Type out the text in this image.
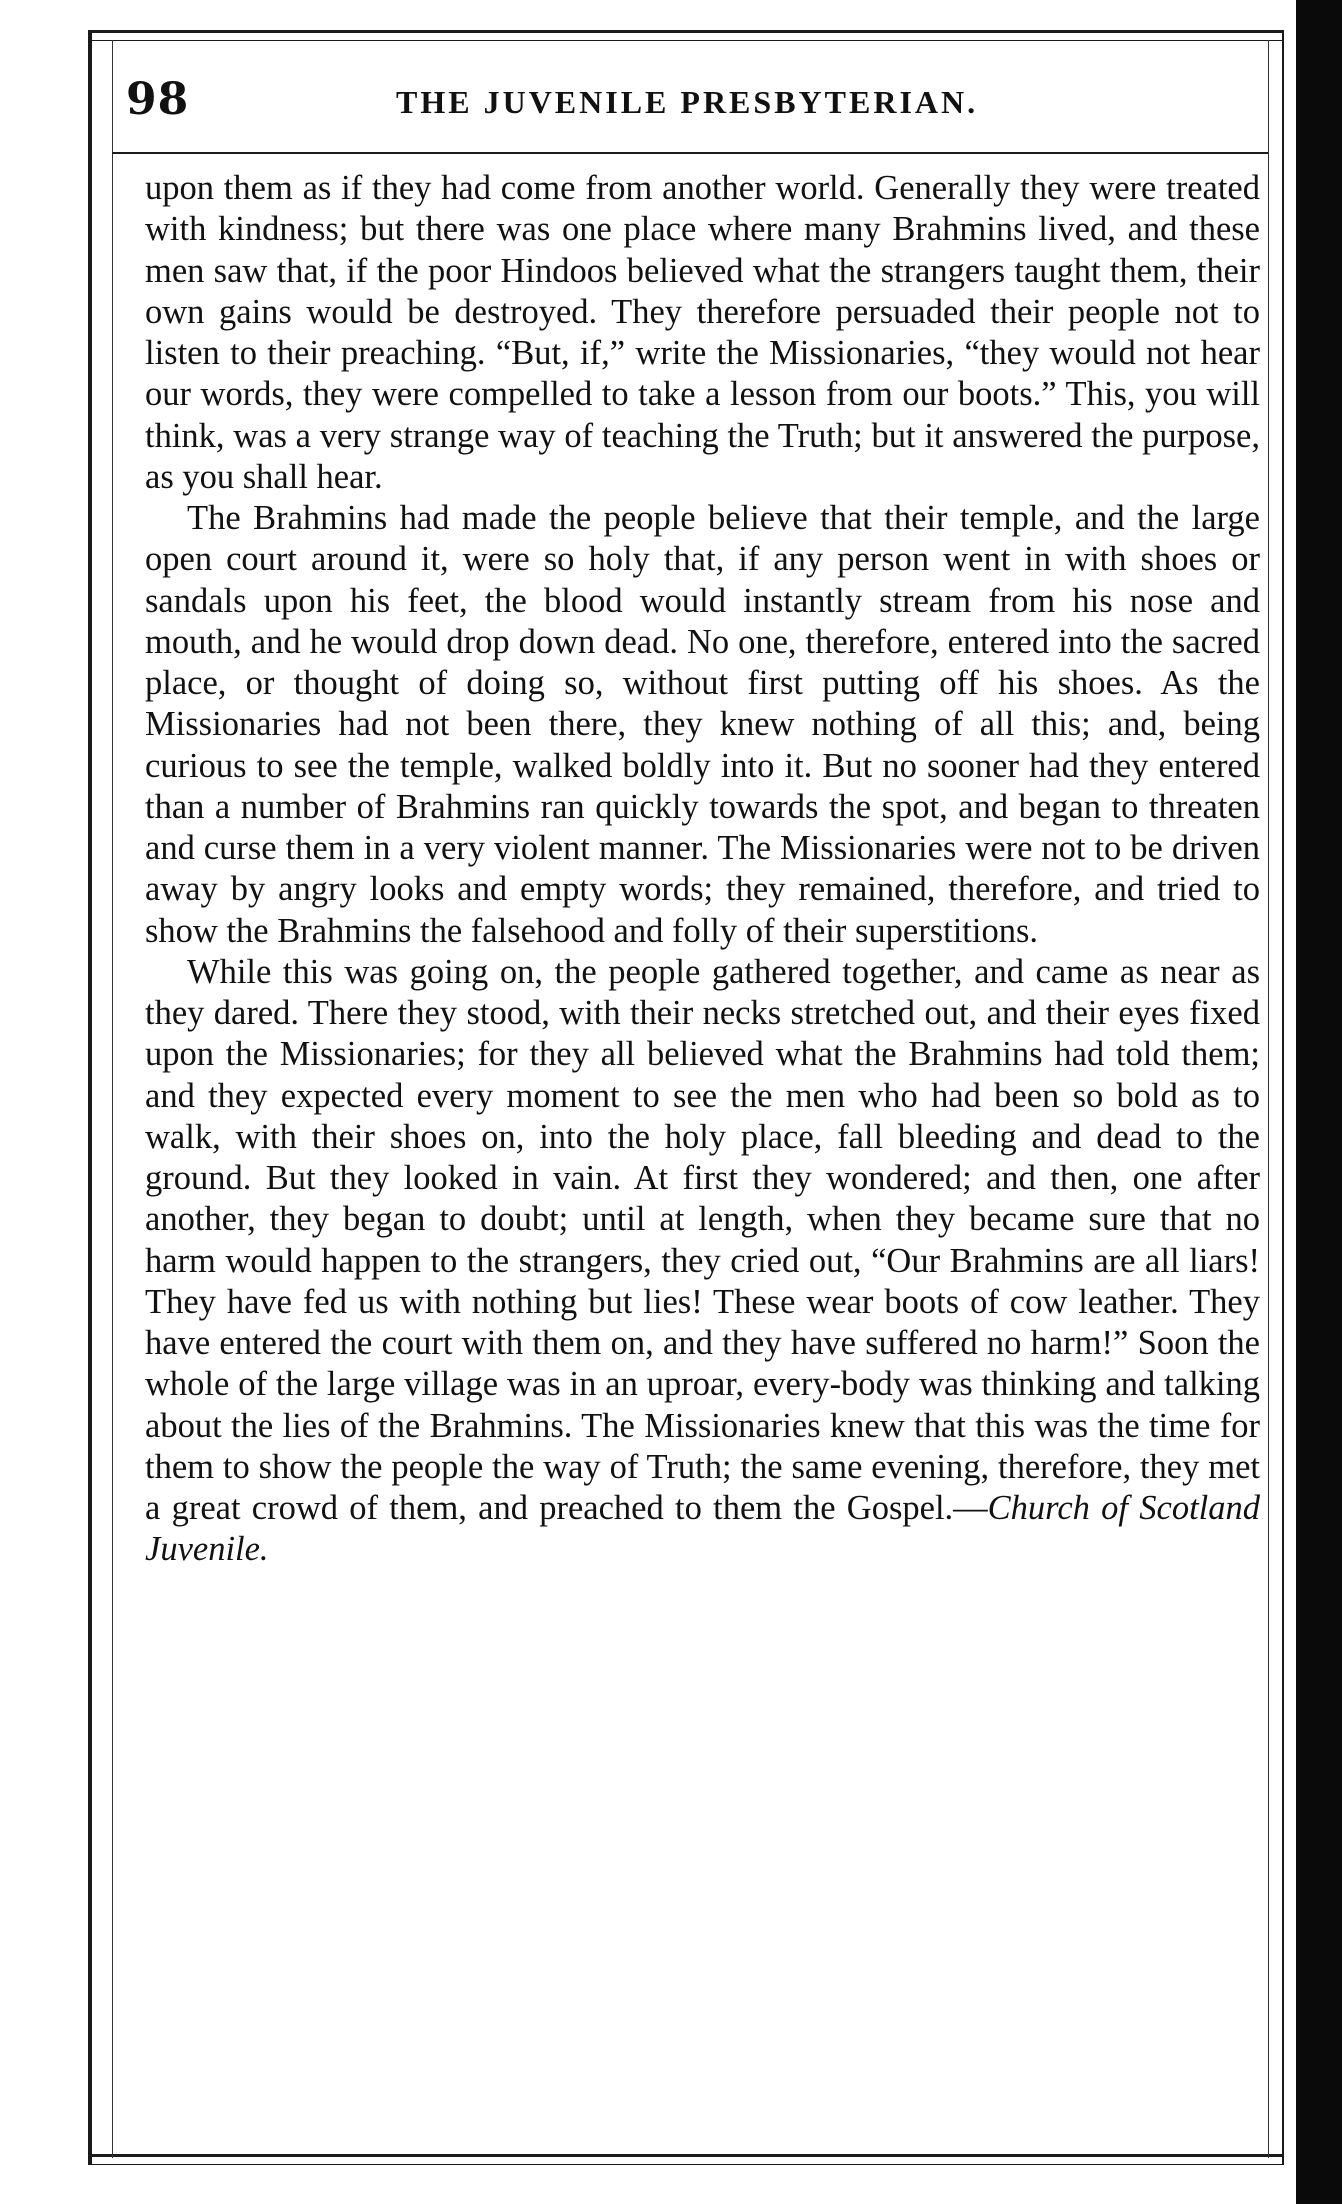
98	THE JUVENILE PRESBYTERIAN.

upon them as if they had come from another world. Generally they were treated with kindness; but there was one place where many Brahmins lived, and these men saw that, if the poor Hindoos believed what the strangers taught them, their own gains would be destroyed. They therefore persuaded their people not to listen to their preaching. “But, if,” write the Missionaries, “they would not hear our words, they were compelled to take a lesson from our boots.” This, you will think, was a very strange way of teaching the Truth; but it answered the purpose, as you shall hear.

The Brahmins had made the people believe that their temple, and the large open court around it, were so holy that, if any person went in with shoes or sandals upon his feet, the blood would instantly stream from his nose and mouth, and he would drop down dead. No one, therefore, entered into the sacred place, or thought of doing so, without first putting off his shoes. As the Missionaries had not been there, they knew nothing of all this; and, being curious to see the temple, walked boldly into it. But no sooner had they entered than a number of Brahmins ran quickly towards the spot, and began to threaten and curse them in a very violent manner. The Missionaries were not to be driven away by angry looks and empty words; they remained, therefore, and tried to show the Brahmins the falsehood and folly of their superstitions.

While this was going on, the people gathered together, and came as near as they dared. There they stood, with their necks stretched out, and their eyes fixed upon the Missionaries; for they all believed what the Brahmins had told them; and they expected every moment to see the men who had been so bold as to walk, with their shoes on, into the holy place, fall bleeding and dead to the ground. But they looked in vain. At first they wondered; and then, one after another, they began to doubt; until at length, when they became sure that no harm would happen to the strangers, they cried out, “Our Brahmins are all liars! They have fed us with nothing but lies! These wear boots of cow leather. They have entered the court with them on, and they have suffered no harm!” Soon the whole of the large village was in an uproar, every-body was thinking and talking about the lies of the Brahmins. The Missionaries knew that this was the time for them to show the people the way of Truth; the same evening, therefore, they met a great crowd of them, and preached to them the Gospel.—Church of Scotland Juvenile.
